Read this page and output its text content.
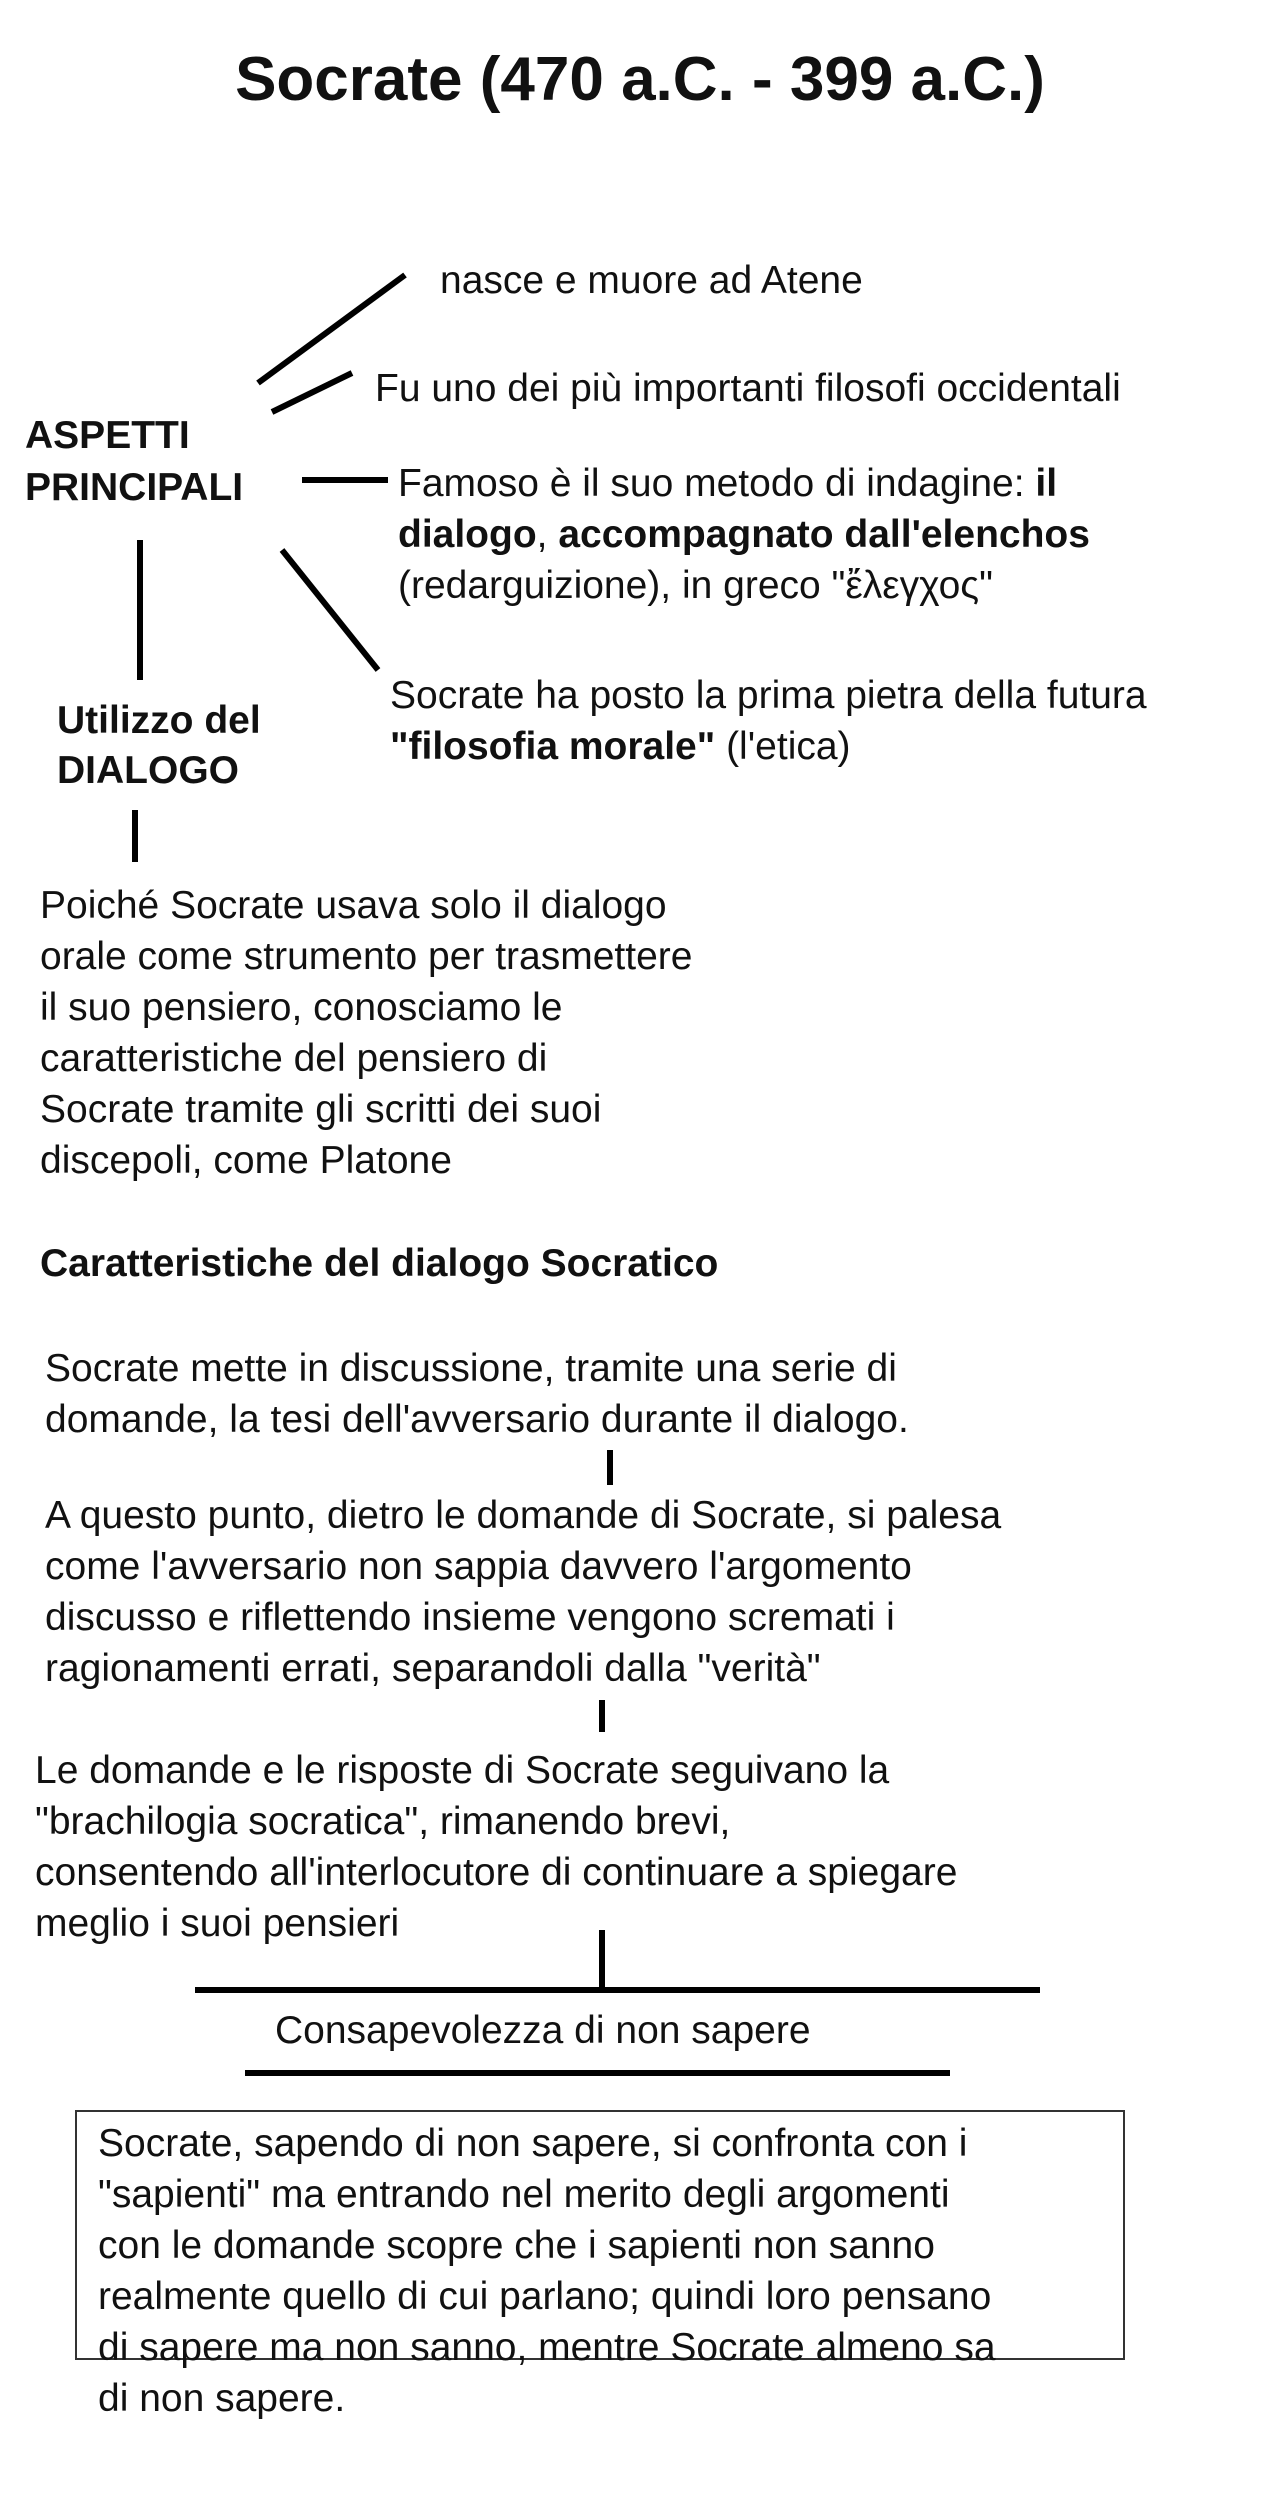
Socrate (470 a.C. - 399 a.C.)
ASPETTI
PRINCIPALI
nasce e muore ad Atene
Fu uno dei più importanti filosofi occidentali
Famoso è il suo metodo di indagine: il
dialogo, accompagnato dall'elenchos
(redarguizione), in greco "ἔλεγχος"
Socrate ha posto la prima pietra della futura
"filosofia morale" (l'etica)
Utilizzo del
DIALOGO
Poiché Socrate usava solo il dialogo
orale come strumento per trasmettere
il suo pensiero, conosciamo le
caratteristiche del pensiero di
Socrate tramite gli scritti dei suoi
discepoli, come Platone
Caratteristiche del dialogo Socratico
Socrate mette in discussione, tramite una serie di
domande, la tesi dell'avversario durante il dialogo.
A questo punto, dietro le domande di Socrate, si palesa
come l'avversario non sappia davvero l'argomento
discusso e riflettendo insieme vengono scremati i
ragionamenti errati, separandoli dalla "verità"
Le domande e le risposte di Socrate seguivano la
"brachilogia socratica", rimanendo brevi,
consentendo all'interlocutore di continuare a spiegare
meglio i suoi pensieri
Consapevolezza di non sapere
Socrate, sapendo di non sapere, si confronta con i
"sapienti" ma entrando nel merito degli argomenti
con le domande scopre che i sapienti non sanno
realmente quello di cui parlano; quindi loro pensano
di sapere ma non sanno, mentre Socrate almeno sa
di non sapere.
